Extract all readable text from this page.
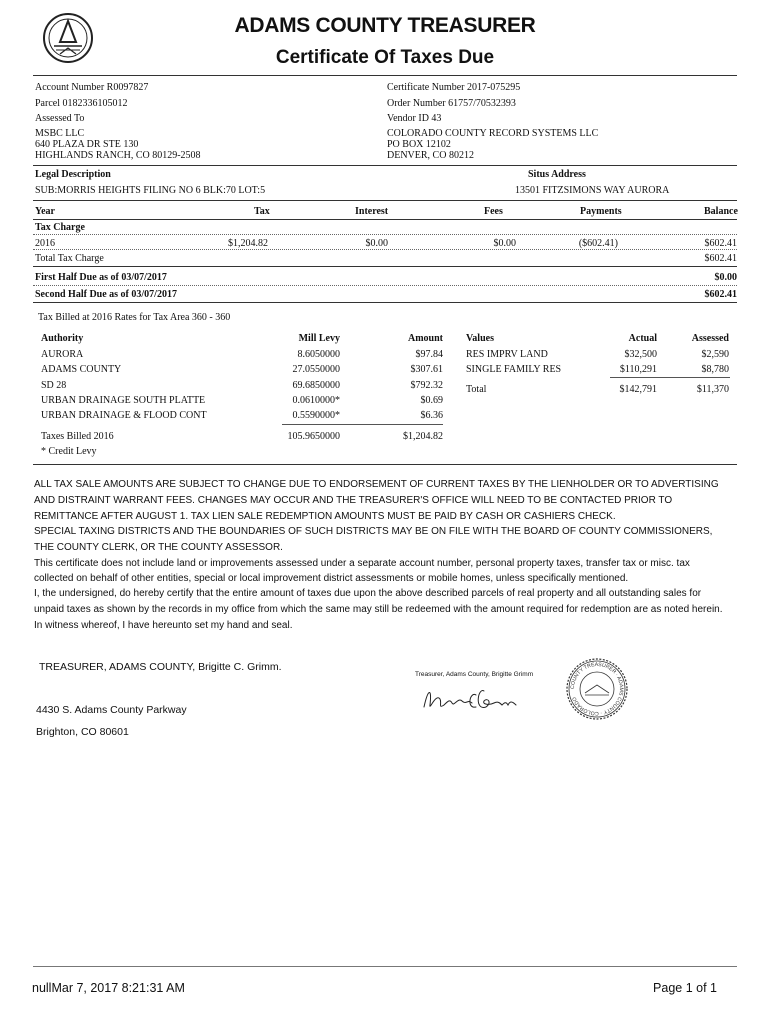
ADAMS COUNTY TREASURER
Certificate Of Taxes Due
Account Number R0097827
Parcel 0182336105012
Assessed To
MSBC LLC
640 PLAZA DR STE 130
HIGHLANDS RANCH, CO 80129-2508
Certificate Number 2017-075295
Order Number 61757/70532393
Vendor ID 43
COLORADO COUNTY RECORD SYSTEMS LLC
PO BOX 12102
DENVER, CO 80212
Legal Description	Situs Address
SUB:MORRIS HEIGHTS FILING NO 6 BLK:70 LOT:5	13501 FITZSIMONS WAY AURORA
Year	Tax	Interest	Fees	Payments	Balance
Tax Charge
2016	$1,204.82	$0.00	$0.00	($602.41)	$602.41
Total Tax Charge	$602.41
First Half Due as of 03/07/2017	$0.00
Second Half Due as of 03/07/2017	$602.41
Tax Billed at 2016 Rates for Tax Area 360 - 360
Authority	Mill Levy	Amount
AURORA	8.6050000	$97.84
ADAMS COUNTY	27.0550000	$307.61
SD 28	69.6850000	$792.32
URBAN DRAINAGE SOUTH PLATTE	0.0610000*	$0.69
URBAN DRAINAGE & FLOOD CONT	0.5590000*	$6.36
Taxes Billed 2016	105.9650000	$1,204.82
* Credit Levy
Values	Actual	Assessed
RES IMPRV LAND	$32,500	$2,590
SINGLE FAMILY RES	$110,291	$8,780
Total	$142,791	$11,370
ALL TAX SALE AMOUNTS ARE SUBJECT TO CHANGE DUE TO ENDORSEMENT OF CURRENT TAXES BY THE LIENHOLDER OR TO ADVERTISING
AND DISTRAINT WARRANT FEES. CHANGES MAY OCCUR AND THE TREASURER'S OFFICE WILL NEED TO BE CONTACTED PRIOR TO
REMITTANCE AFTER AUGUST 1. TAX LIEN SALE REDEMPTION AMOUNTS MUST BE PAID BY CASH OR CASHIERS CHECK.
SPECIAL TAXING DISTRICTS AND THE BOUNDARIES OF SUCH DISTRICTS MAY BE ON FILE WITH THE BOARD OF COUNTY COMMISSIONERS,
THE COUNTY CLERK, OR THE COUNTY ASSESSOR.
This certificate does not include land or improvements assessed under a separate account number, personal property taxes, transfer tax or misc. tax
collected on behalf of other entities, special or local improvement district assessments or mobile homes, unless specifically mentioned.
I, the undersigned, do hereby certify that the entire amount of taxes due upon the above described parcels of real property and all outstanding sales for
unpaid taxes as shown by the records in my office from which the same may still be redeemed with the amount required for redemption are as noted herein.
In witness whereof, I have hereunto set my hand and seal.
TREASURER, ADAMS COUNTY, Brigitte C. Grimm.
Treasurer, Adams County, Brigitte Grimm
4430 S. Adams County Parkway
Brighton, CO 80601
COUNTY TREASURER · ADAMS COUNTY · COLORADO
nullMar 7, 2017 8:21:31 AM	Page 1 of 1
